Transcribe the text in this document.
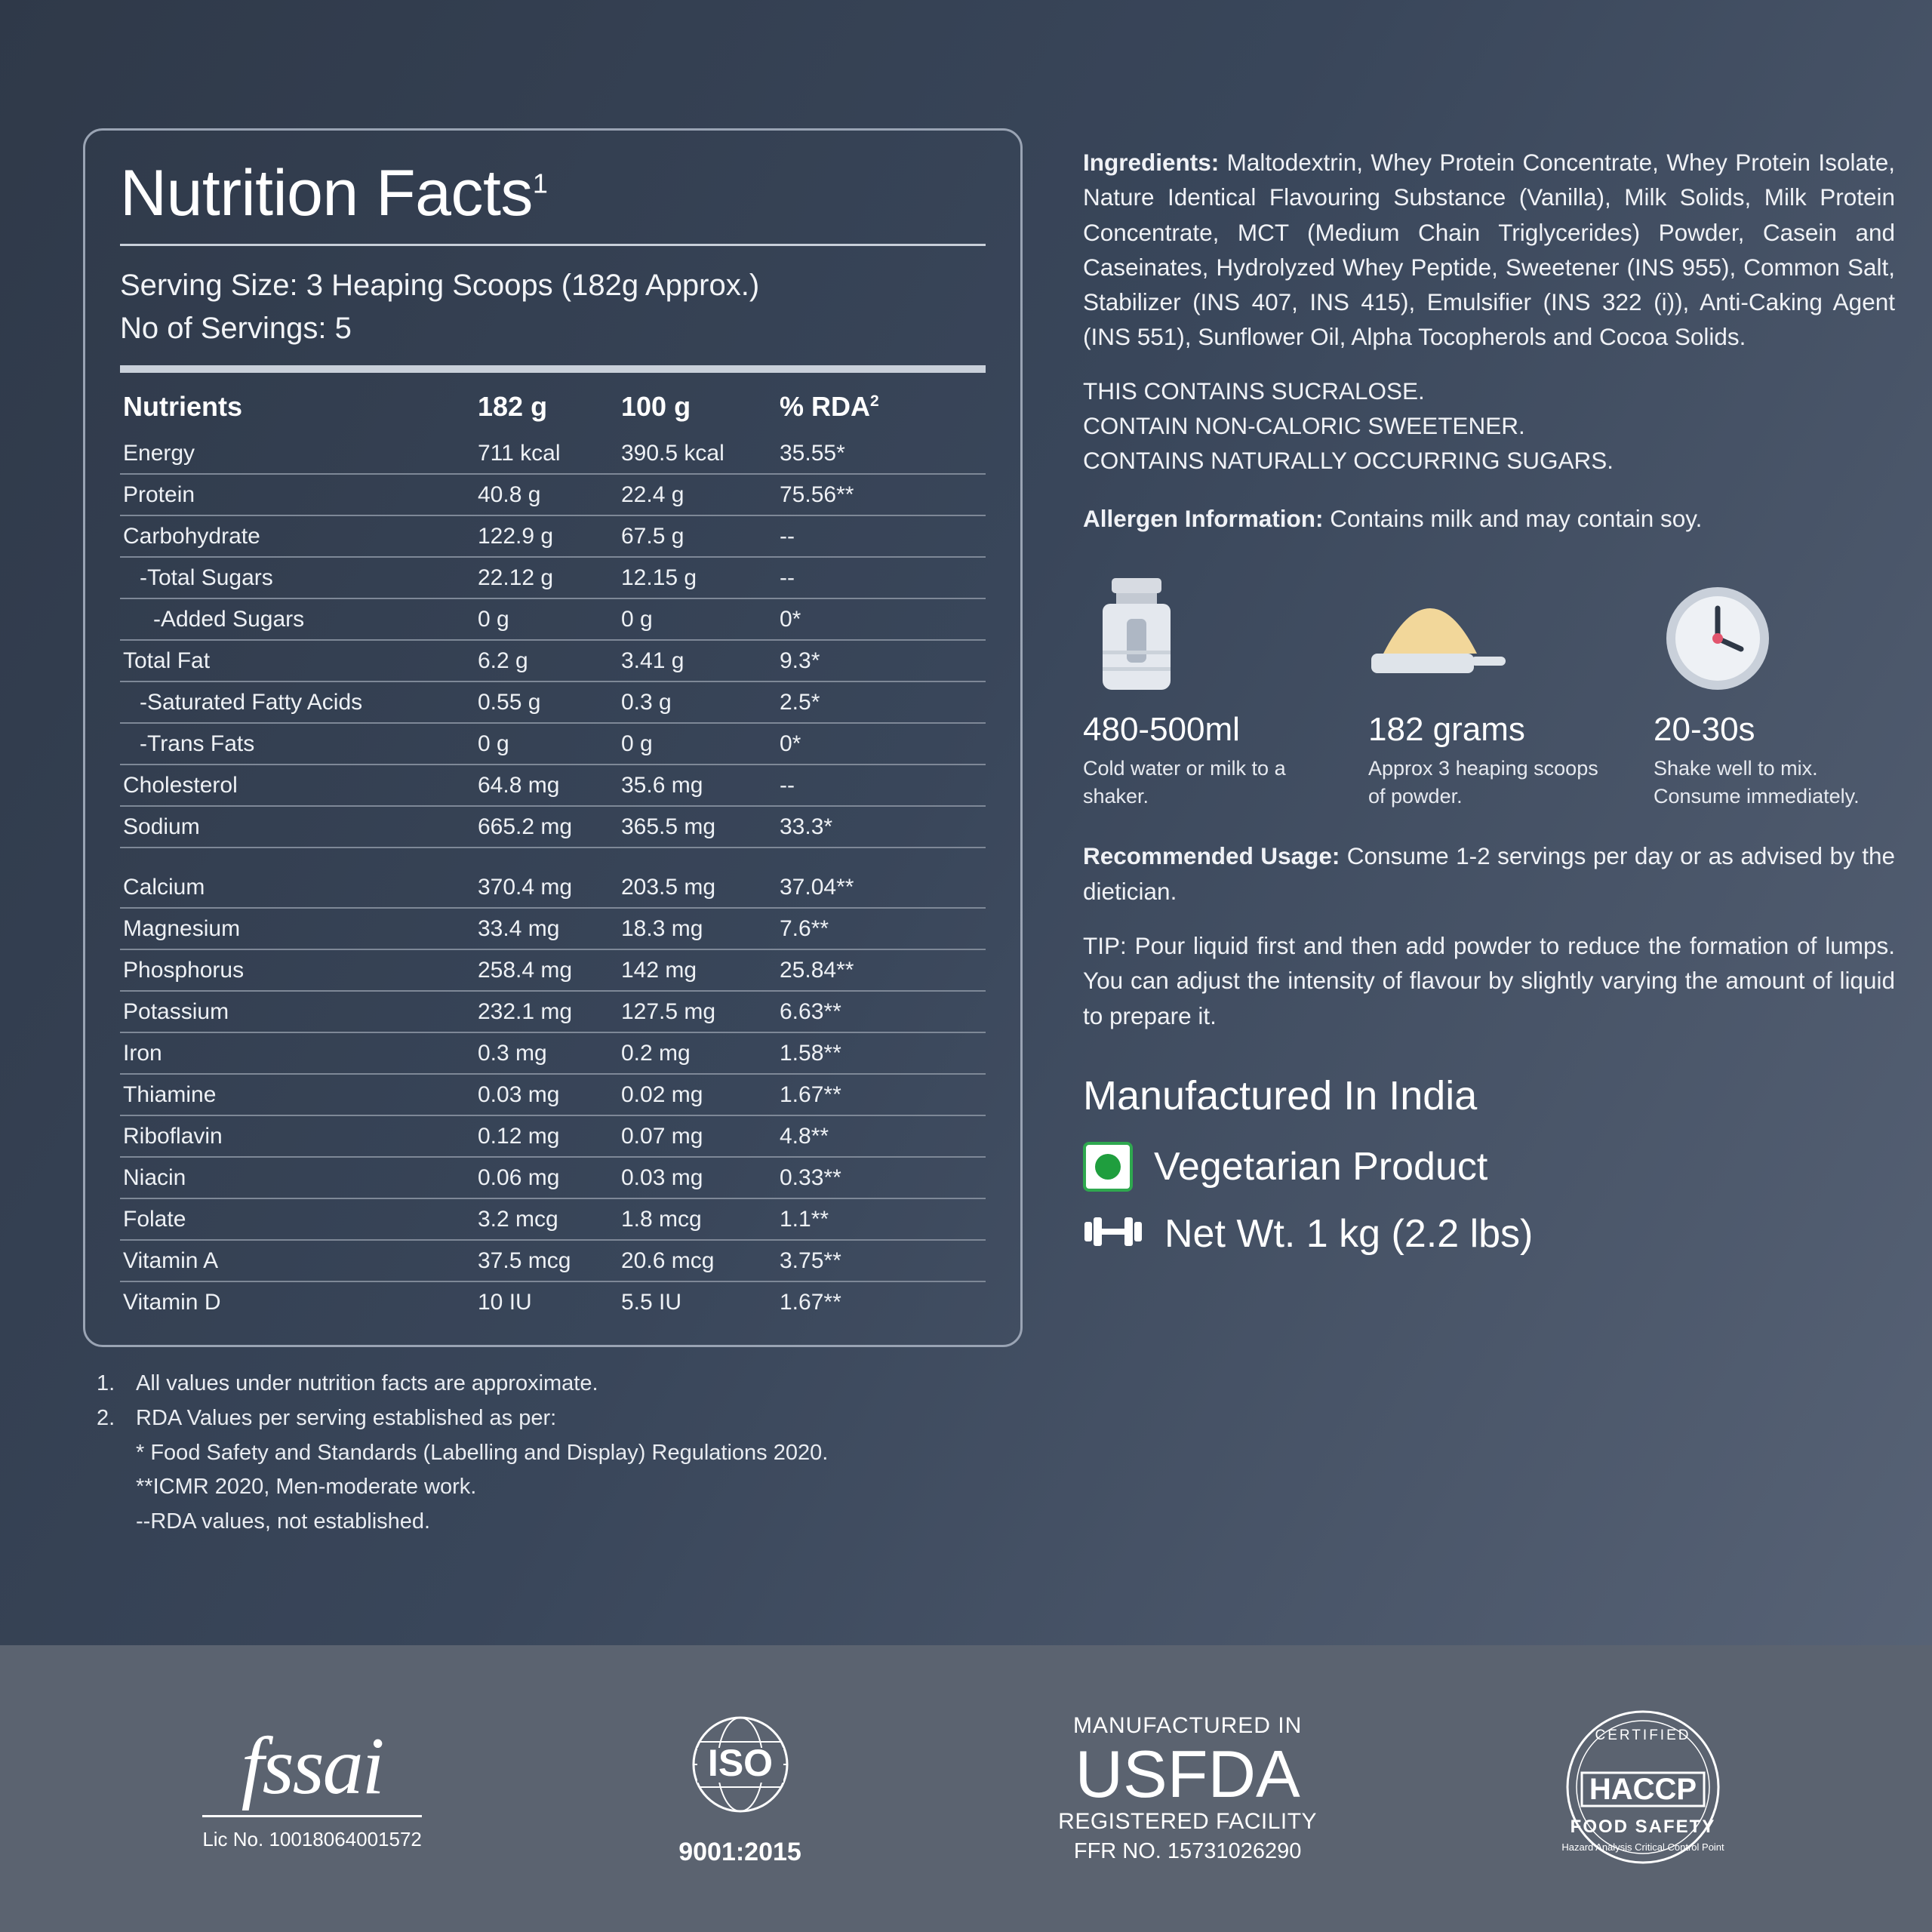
Nutrition Facts$^1$
Serving Size: 3 Heaping Scoops (182g Approx.)
No of Servings: 5
Nutrients	182 g	100 g	% RDA$^2$
Energy	711 kcal	390.5 kcal	35.55*
Protein	40.8 g	22.4 g	75.56**
Carbohydrate	122.9 g	67.5 g	--
-Total Sugars	22.12 g	12.15 g	--
-Added Sugars	0 g	0 g	0*
Total Fat	6.2 g	3.41 g	9.3*
-Saturated Fatty Acids	0.55 g	0.3 g	2.5*
-Trans Fats	0 g	0 g	0*
Cholesterol	64.8 mg	35.6 mg	--
Sodium	665.2 mg	365.5 mg	33.3*

Calcium	370.4 mg	203.5 mg	37.04**
Magnesium	33.4 mg	18.3 mg	7.6**
Phosphorus	258.4 mg	142 mg	25.84**
Potassium	232.1 mg	127.5 mg	6.63**
Iron	0.3 mg	0.2 mg	1.58**
Thiamine	0.03 mg	0.02 mg	1.67**
Riboflavin	0.12 mg	0.07 mg	4.8**
Niacin	0.06 mg	0.03 mg	0.33**
Folate	3.2 mcg	1.8 mcg	1.1**
Vitamin A	37.5 mcg	20.6 mcg	3.75**
Vitamin D	10 IU	5.5 IU	1.67**
1. All values under nutrition facts are approximate.
2. RDA Values per serving established as per:
* Food Safety and Standards (Labelling and Display) Regulations 2020.
**ICMR 2020, Men-moderate work.
--RDA values, not established.
Ingredients: Maltodextrin, Whey Protein Concentrate, Whey Protein Isolate, Nature Identical Flavouring Substance (Vanilla), Milk Solids, Milk Protein Concentrate, MCT (Medium Chain Triglycerides) Powder, Casein and Caseinates, Hydrolyzed Whey Peptide, Sweetener (INS 955), Common Salt, Stabilizer (INS 407, INS 415), Emulsifier (INS 322 (i)), Anti-Caking Agent (INS 551), Sunflower Oil, Alpha Tocopherols and Cocoa Solids.
THIS CONTAINS SUCRALOSE.
CONTAIN NON-CALORIC SWEETENER.
CONTAINS NATURALLY OCCURRING SUGARS.
Allergen Information: Contains milk and may contain soy.
480-500ml
Cold water or milk to a shaker.
182 grams
Approx 3 heaping scoops of powder.
20-30s
Shake well to mix. Consume immediately.
Recommended Usage: Consume 1-2 servings per day or as advised by the dietician.
TIP: Pour liquid first and then add powder to reduce the formation of lumps. You can adjust the intensity of flavour by slightly varying the amount of liquid to prepare it.
Manufactured In India
Vegetarian Product
Net Wt. 1 kg (2.2 lbs)
fssai
Lic No. 10018064001572
ISO
9001:2015
MANUFACTURED IN
USFDA
REGISTERED FACILITY
FFR NO. 15731026290
HACCP
CERTIFIED
FOOD SAFETY
Hazard Analysis Critical Control Point
